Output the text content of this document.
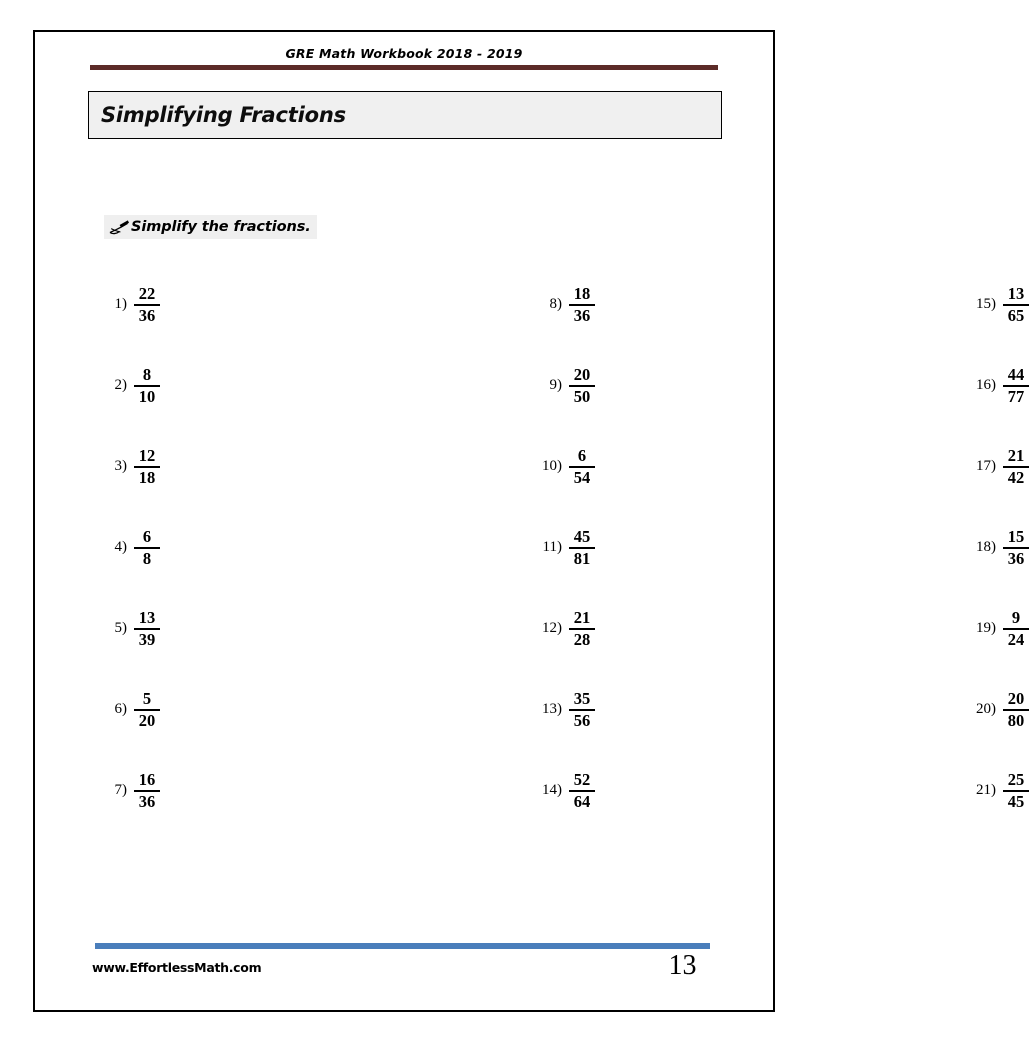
GRE Math Workbook 2018 - 2019
Simplifying Fractions
Simplify the fractions.
$1) \frac{22}{36}$
$2) \frac{8}{10}$
$3) \frac{12}{18}$
$4) \frac{6}{8}$
$5) \frac{13}{39}$
$6) \frac{5}{20}$
$7) \frac{16}{36}$
$8) \frac{18}{36}$
$9) \frac{20}{50}$
$10) \frac{6}{54}$
$11) \frac{45}{81}$
$12) \frac{21}{28}$
$13) \frac{35}{56}$
$14) \frac{52}{64}$
$15) \frac{13}{65}$
$16) \frac{44}{77}$
$17) \frac{21}{42}$
$18) \frac{15}{36}$
$19) \frac{9}{24}$
$20) \frac{20}{80}$
$21) \frac{25}{45}$
www.EffortlessMath.com	13
